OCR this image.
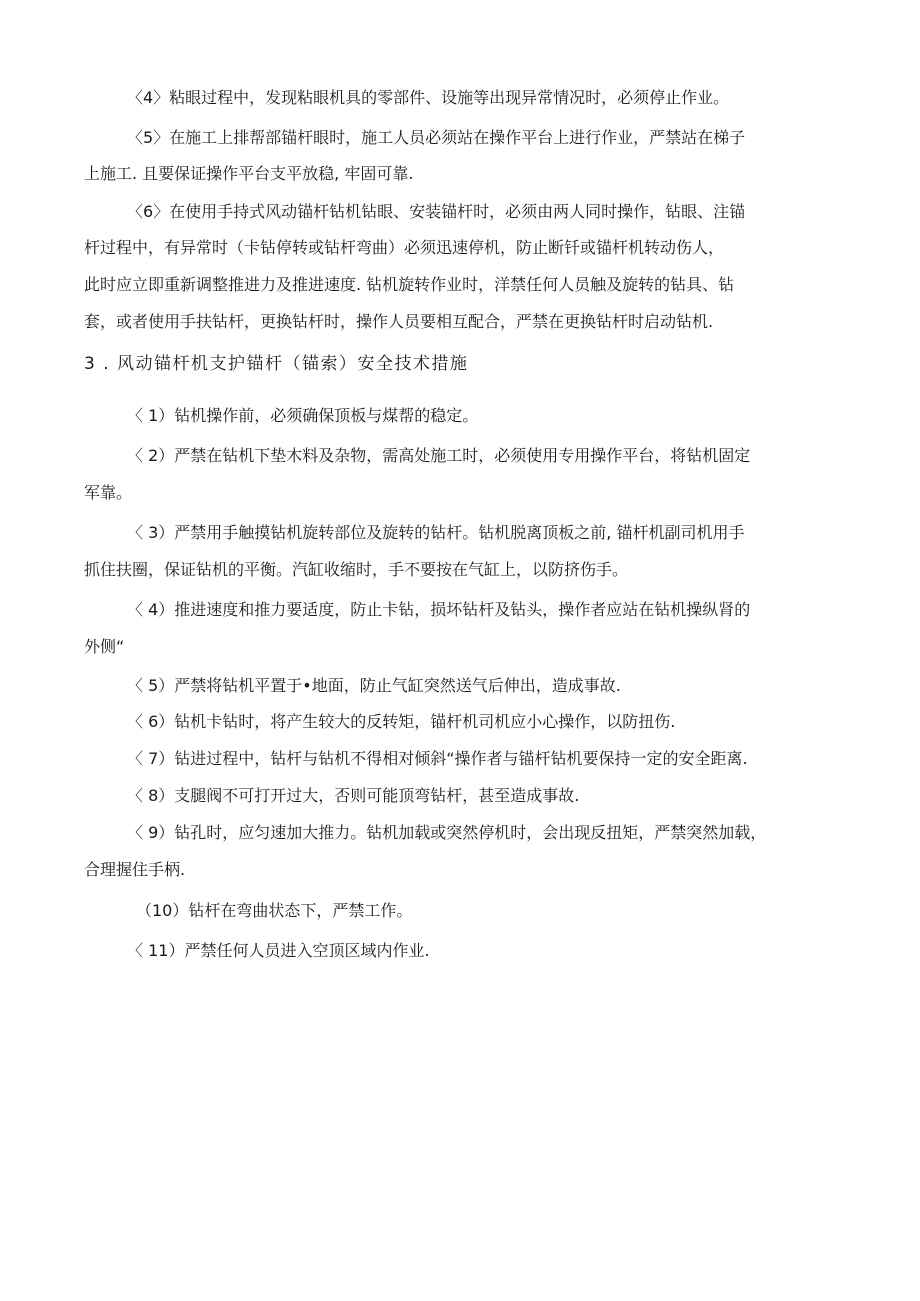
〈4〉粘眼过程中，发现粘眼机具的零部件、设施等出现异常情况时，必须停止作业。
〈5〉在施工上排帮部锚杆眼时，施工人员必须站在操作平台上进行作业，严禁站在梯子
上施工. 且要保证操作平台支平放稳, 牢固可靠.
〈6〉在使用手持式风动锚杆钻机钻眼、安装锚杆时，必须由两人同时操作，钻眼、注锚
杆过程中，有异常时（卡钻停转或钻杆弯曲）必须迅速停机，防止断钎或锚杆机转动伤人，
此时应立即重新调整推进力及推进速度. 钻机旋转作业时，洋禁任何人员触及旋转的钻具、钻
套，或者使用手扶钻杆，更换钻杆时，操作人员要相互配合，严禁在更换钻杆时启动钻机.
3 . 风动锚杆机支护锚杆（锚索）安全技术措施
〈 1）钻机操作前，必须确保顶板与煤帮的稳定。
〈 2）严禁在钻机下垫木料及杂物，需高处施工时，必须使用专用操作平台，将钻机固定
军靠。
〈 3）严禁用手触摸钻机旋转部位及旋转的钻杆。钻机脱离顶板之前, 锚杆机副司机用手
抓住扶圈，保证钻机的平衡。汽缸收缩时，手不要按在气缸上，以防挤伤手。
〈 4）推进速度和推力要适度，防止卡钻，损坏钻杆及钻头，操作者应站在钻机操纵肾的
外侧“
〈 5）严禁将钻机平置于•地面，防止气缸突然送气后伸出，造成事故.
〈 6）钻机卡钻时，将产生较大的反转矩，锚杆机司机应小心操作，以防扭伤.
〈 7）钻进过程中，钻杆与钻机不得相对倾斜“操作者与锚杆钻机要保持一定的安全距离.
〈 8）支腿阀不可打开过大，否则可能顶弯钻杆，甚至造成事故.
〈 9）钻孔时，应匀速加大推力。钻机加载或突然停机时，会出现反扭矩，严禁突然加载，
合理握住手柄.
（10）钻杆在弯曲状态下，严禁工作。
〈 11）严禁任何人员进入空顶区域内作业.
